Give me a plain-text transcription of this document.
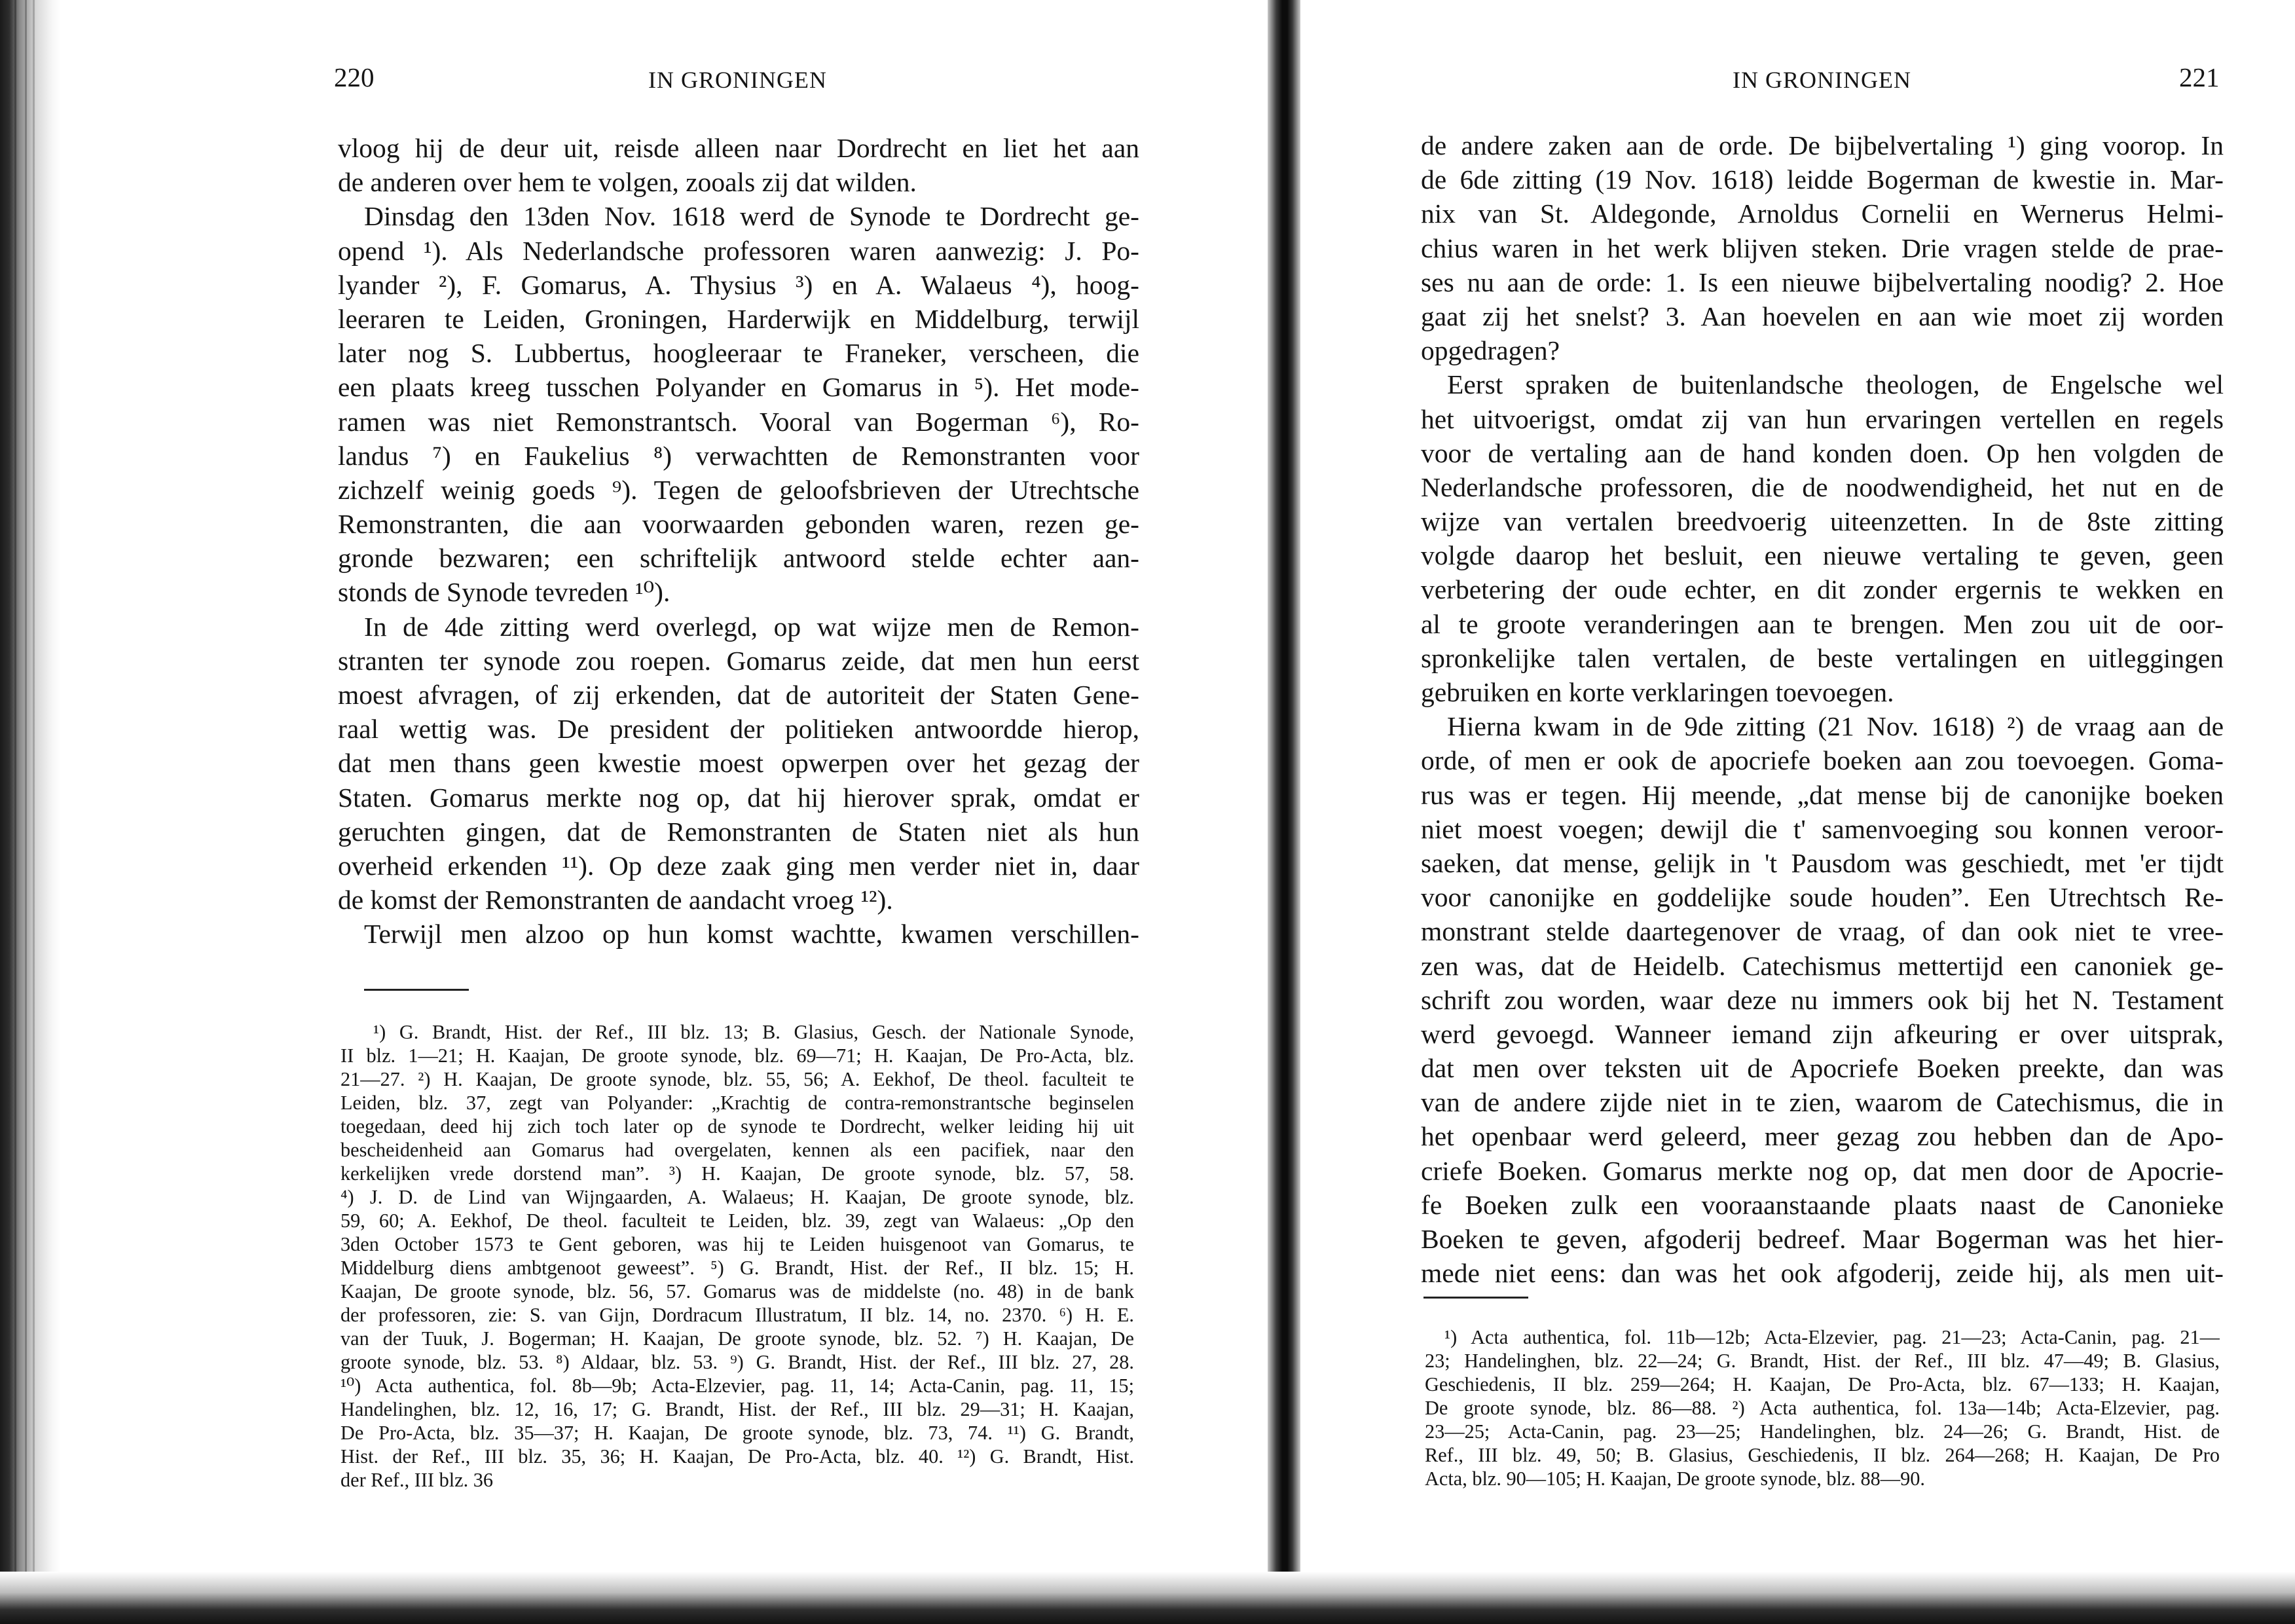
220	IN GRONINGEN
vloog hij de deur uit, reisde alleen naar Dordrecht en liet het aan
de anderen over hem te volgen, zooals zij dat wilden.
Dinsdag den 13den Nov. 1618 werd de Synode te Dordrecht ge-
opend ¹). Als Nederlandsche professoren waren aanwezig: J. Po-
lyander ²), F. Gomarus, A. Thysius ³) en A. Walaeus ⁴), hoog-
leeraren te Leiden, Groningen, Harderwijk en Middelburg, terwijl
later nog S. Lubbertus, hoogleeraar te Franeker, verscheen, die
een plaats kreeg tusschen Polyander en Gomarus in ⁵). Het mode-
ramen was niet Remonstrantsch. Vooral van Bogerman ⁶), Ro-
landus ⁷) en Faukelius ⁸) verwachtten de Remonstranten voor
zichzelf weinig goeds ⁹). Tegen de geloofsbrieven der Utrechtsche
Remonstranten, die aan voorwaarden gebonden waren, rezen ge-
gronde bezwaren; een schriftelijk antwoord stelde echter aan-
stonds de Synode tevreden ¹⁰).
In de 4de zitting werd overlegd, op wat wijze men de Remon-
stranten ter synode zou roepen. Gomarus zeide, dat men hun eerst
moest afvragen, of zij erkenden, dat de autoriteit der Staten Gene-
raal wettig was. De president der politieken antwoordde hierop,
dat men thans geen kwestie moest opwerpen over het gezag der
Staten. Gomarus merkte nog op, dat hij hierover sprak, omdat er
geruchten gingen, dat de Remonstranten de Staten niet als hun
overheid erkenden ¹¹). Op deze zaak ging men verder niet in, daar
de komst der Remonstranten de aandacht vroeg ¹²).
Terwijl men alzoo op hun komst wachtte, kwamen verschillen-
¹) G. Brandt, Hist. der Ref., III blz. 13; B. Glasius, Gesch. der Nationale Synode,
II blz. 1—21; H. Kaajan, De groote synode, blz. 69—71; H. Kaajan, De Pro-Acta, blz.
21—27. ²) H. Kaajan, De groote synode, blz. 55, 56; A. Eekhof, De theol. faculteit te
Leiden, blz. 37, zegt van Polyander: „Krachtig de contra-remonstrantsche beginselen
toegedaan, deed hij zich toch later op de synode te Dordrecht, welker leiding hij uit
bescheidenheid aan Gomarus had overgelaten, kennen als een pacifiek, naar den
kerkelijken vrede dorstend man”. ³) H. Kaajan, De groote synode, blz. 57, 58.
⁴) J. D. de Lind van Wijngaarden, A. Walaeus; H. Kaajan, De groote synode, blz.
59, 60; A. Eekhof, De theol. faculteit te Leiden, blz. 39, zegt van Walaeus: „Op den
3den October 1573 te Gent geboren, was hij te Leiden huisgenoot van Gomarus, te
Middelburg diens ambtgenoot geweest”. ⁵) G. Brandt, Hist. der Ref., II blz. 15; H.
Kaajan, De groote synode, blz. 56, 57. Gomarus was de middelste (no. 48) in de bank
der professoren, zie: S. van Gijn, Dordracum Illustratum, II blz. 14, no. 2370. ⁶) H. E.
van der Tuuk, J. Bogerman; H. Kaajan, De groote synode, blz. 52. ⁷) H. Kaajan, De
groote synode, blz. 53. ⁸) Aldaar, blz. 53. ⁹) G. Brandt, Hist. der Ref., III blz. 27, 28.
¹⁰) Acta authentica, fol. 8b—9b; Acta-Elzevier, pag. 11, 14; Acta-Canin, pag. 11, 15;
Handelinghen, blz. 12, 16, 17; G. Brandt, Hist. der Ref., III blz. 29—31; H. Kaajan,
De Pro-Acta, blz. 35—37; H. Kaajan, De groote synode, blz. 73, 74. ¹¹) G. Brandt,
Hist. der Ref., III blz. 35, 36; H. Kaajan, De Pro-Acta, blz. 40. ¹²) G. Brandt, Hist.
der Ref., III blz. 36
IN GRONINGEN	221
de andere zaken aan de orde. De bijbelvertaling ¹) ging voorop. In
de 6de zitting (19 Nov. 1618) leidde Bogerman de kwestie in. Mar-
nix van St. Aldegonde, Arnoldus Cornelii en Wernerus Helmi-
chius waren in het werk blijven steken. Drie vragen stelde de prae-
ses nu aan de orde: 1. Is een nieuwe bijbelvertaling noodig? 2. Hoe
gaat zij het snelst? 3. Aan hoevelen en aan wie moet zij worden
opgedragen?
Eerst spraken de buitenlandsche theologen, de Engelsche wel
het uitvoerigst, omdat zij van hun ervaringen vertellen en regels
voor de vertaling aan de hand konden doen. Op hen volgden de
Nederlandsche professoren, die de noodwendigheid, het nut en de
wijze van vertalen breedvoerig uiteenzetten. In de 8ste zitting
volgde daarop het besluit, een nieuwe vertaling te geven, geen
verbetering der oude echter, en dit zonder ergernis te wekken en
al te groote veranderingen aan te brengen. Men zou uit de oor-
spronkelijke talen vertalen, de beste vertalingen en uitleggingen
gebruiken en korte verklaringen toevoegen.
Hierna kwam in de 9de zitting (21 Nov. 1618) ²) de vraag aan de
orde, of men er ook de apocriefe boeken aan zou toevoegen. Goma-
rus was er tegen. Hij meende, „dat mense bij de canonijke boeken
niet moest voegen; dewijl die t' samenvoeging sou konnen veroor-
saeken, dat mense, gelijk in 't Pausdom was geschiedt, met 'er tijdt
voor canonijke en goddelijke soude houden”. Een Utrechtsch Re-
monstrant stelde daartegenover de vraag, of dan ook niet te vree-
zen was, dat de Heidelb. Catechismus mettertijd een canoniek ge-
schrift zou worden, waar deze nu immers ook bij het N. Testament
werd gevoegd. Wanneer iemand zijn afkeuring er over uitsprak,
dat men over teksten uit de Apocriefe Boeken preekte, dan was
van de andere zijde niet in te zien, waarom de Catechismus, die in
het openbaar werd geleerd, meer gezag zou hebben dan de Apo-
criefe Boeken. Gomarus merkte nog op, dat men door de Apocrie-
fe Boeken zulk een vooraanstaande plaats naast de Canonieke
Boeken te geven, afgoderij bedreef. Maar Bogerman was het hier-
mede niet eens: dan was het ook afgoderij, zeide hij, als men uit-
¹) Acta authentica, fol. 11b—12b; Acta-Elzevier, pag. 21—23; Acta-Canin, pag. 21—
23; Handelinghen, blz. 22—24; G. Brandt, Hist. der Ref., III blz. 47—49; B. Glasius,
Geschiedenis, II blz. 259—264; H. Kaajan, De Pro-Acta, blz. 67—133; H. Kaajan,
De groote synode, blz. 86—88. ²) Acta authentica, fol. 13a—14b; Acta-Elzevier, pag.
23—25; Acta-Canin, pag. 23—25; Handelinghen, blz. 24—26; G. Brandt, Hist. de
Ref., III blz. 49, 50; B. Glasius, Geschiedenis, II blz. 264—268; H. Kaajan, De Pro
Acta, blz. 90—105; H. Kaajan, De groote synode, blz. 88—90.
